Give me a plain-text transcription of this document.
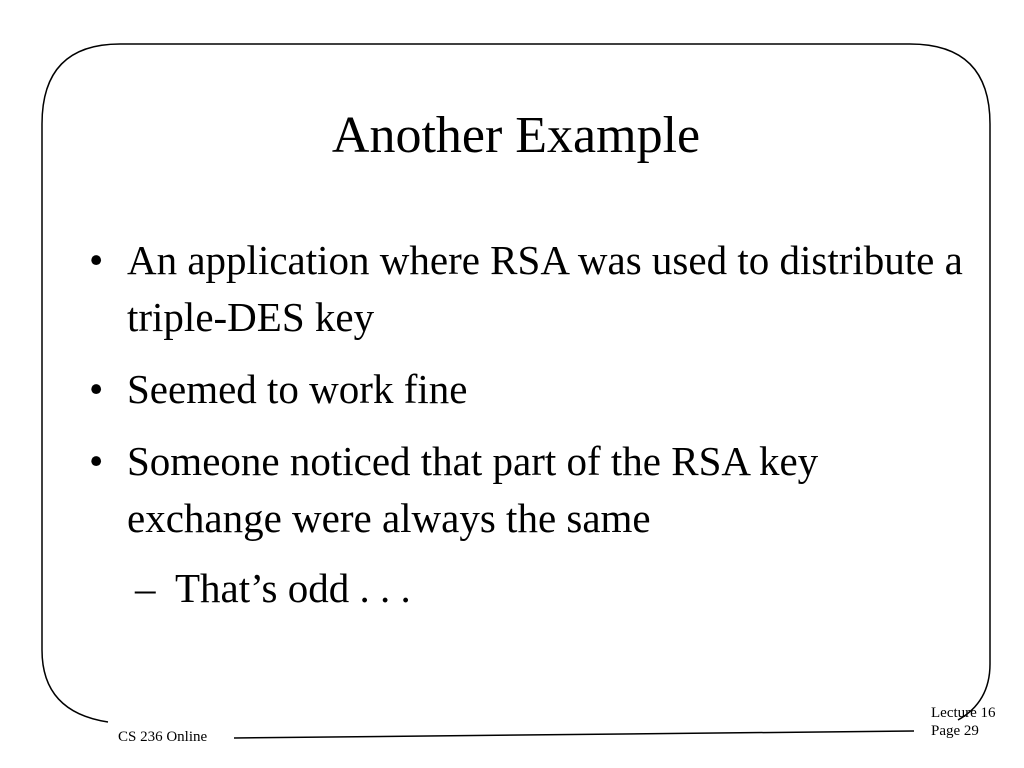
Another Example
• An application where RSA was used to distribute a triple-DES key
• Seemed to work fine
• Someone noticed that part of the RSA key exchange were always the same
– That’s odd . . .
CS 236 Online
Lecture 16
Page 29
